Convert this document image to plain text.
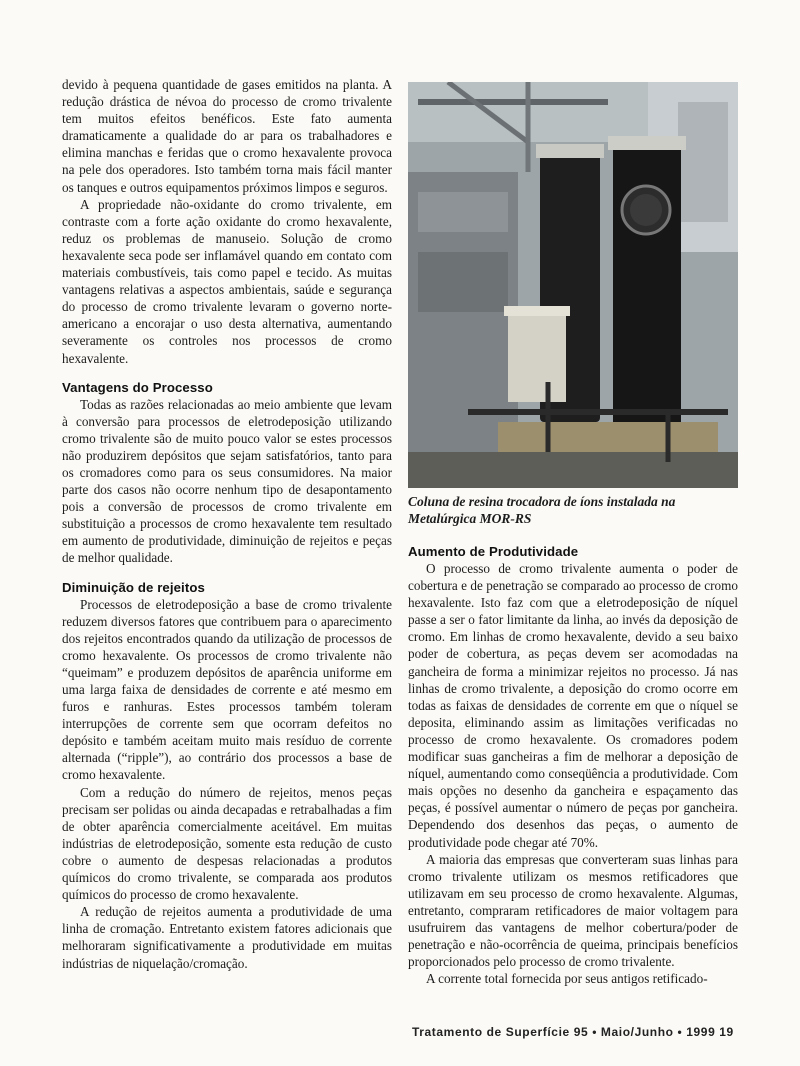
devido à pequena quantidade de gases emitidos na planta. A redução drástica de névoa do processo de cromo trivalente tem muitos efeitos benéficos. Este fato aumenta dramaticamente a qualidade do ar para os trabalhadores e elimina manchas e feridas que o cromo hexavalente provoca na pele dos operadores. Isto também torna mais fácil manter os tanques e outros equipamentos próximos limpos e seguros.

A propriedade não-oxidante do cromo trivalente, em contraste com a forte ação oxidante do cromo hexavalente, reduz os problemas de manuseio. Solução de cromo hexavalente seca pode ser inflamável quando em contato com materiais combustíveis, tais como papel e tecido. As muitas vantagens relativas a aspectos ambientais, saúde e segurança do processo de cromo trivalente levaram o governo norte-americano a encorajar o uso desta alternativa, aumentando severamente os controles nos processos de cromo hexavalente.

Vantagens do Processo

Todas as razões relacionadas ao meio ambiente que levam à conversão para processos de eletrodeposição utilizando cromo trivalente são de muito pouco valor se estes processos não produzirem depósitos que sejam satisfatórios, tanto para os cromadores como para os seus consumidores. Na maior parte dos casos não ocorre nenhum tipo de desapontamento pois a conversão de processos de cromo trivalente em substituição a processos de cromo hexavalente tem resultado em aumento de produtividade, diminuição de rejeitos e peças de melhor qualidade.

Diminuição de rejeitos

Processos de eletrodeposição a base de cromo trivalente reduzem diversos fatores que contribuem para o aparecimento dos rejeitos encontrados quando da utilização de processos de cromo hexavalente. Os processos de cromo trivalente não “queimam” e produzem depósitos de aparência uniforme em uma larga faixa de densidades de corrente e até mesmo em furos e ranhuras. Estes processos também toleram interrupções de corrente sem que ocorram defeitos no depósito e também aceitam muito mais resíduo de corrente alternada (“ripple”), ao contrário dos processos a base de cromo hexavalente.

Com a redução do número de rejeitos, menos peças precisam ser polidas ou ainda decapadas e retrabalhadas a fim de obter aparência comercialmente aceitável. Em muitas indústrias de eletrodeposição, somente esta redução de custo cobre o aumento de despesas relacionadas a produtos químicos do cromo trivalente, se comparada aos produtos químicos do processo de cromo hexavalente.

A redução de rejeitos aumenta a produtividade de uma linha de cromação. Entretanto existem fatores adicionais que melhoraram significativamente a produtividade em muitas indústrias de niquelação/cromação.

Coluna de resina trocadora de íons instalada na Metalúrgica MOR-RS
Aumento de Produtividade

O processo de cromo trivalente aumenta o poder de cobertura e de penetração se comparado ao processo de cromo hexavalente. Isto faz com que a eletrodeposição de níquel passe a ser o fator limitante da linha, ao invés da deposição de cromo. Em linhas de cromo hexavalente, devido a seu baixo poder de cobertura, as peças devem ser acomodadas na gancheira de forma a minimizar rejeitos no processo. Já nas linhas de cromo trivalente, a deposição do cromo ocorre em todas as faixas de densidades de corrente em que o níquel se deposita, eliminando assim as limitações verificadas no processo de cromo hexavalente. Os cromadores podem modificar suas gancheiras a fim de melhorar a deposição de níquel, aumentando como conseqüência a produtividade. Com mais opções no desenho da gancheira e espaçamento das peças, é possível aumentar o número de peças por gancheira. Dependendo dos desenhos das peças, o aumento de produtividade pode chegar até 70%.

A maioria das empresas que converteram suas linhas para cromo trivalente utilizam os mesmos retificadores que utilizavam em seu processo de cromo hexavalente. Algumas, entretanto, compraram retificadores de maior voltagem para usufruirem das vantagens de melhor cobertura/poder de penetração e não-ocorrência de queima, principais benefícios proporcionados pelo processo de cromo trivalente.

A corrente total fornecida por seus antigos retificado-

Tratamento de Superfície 95 • Maio/Junho • 1999 19
